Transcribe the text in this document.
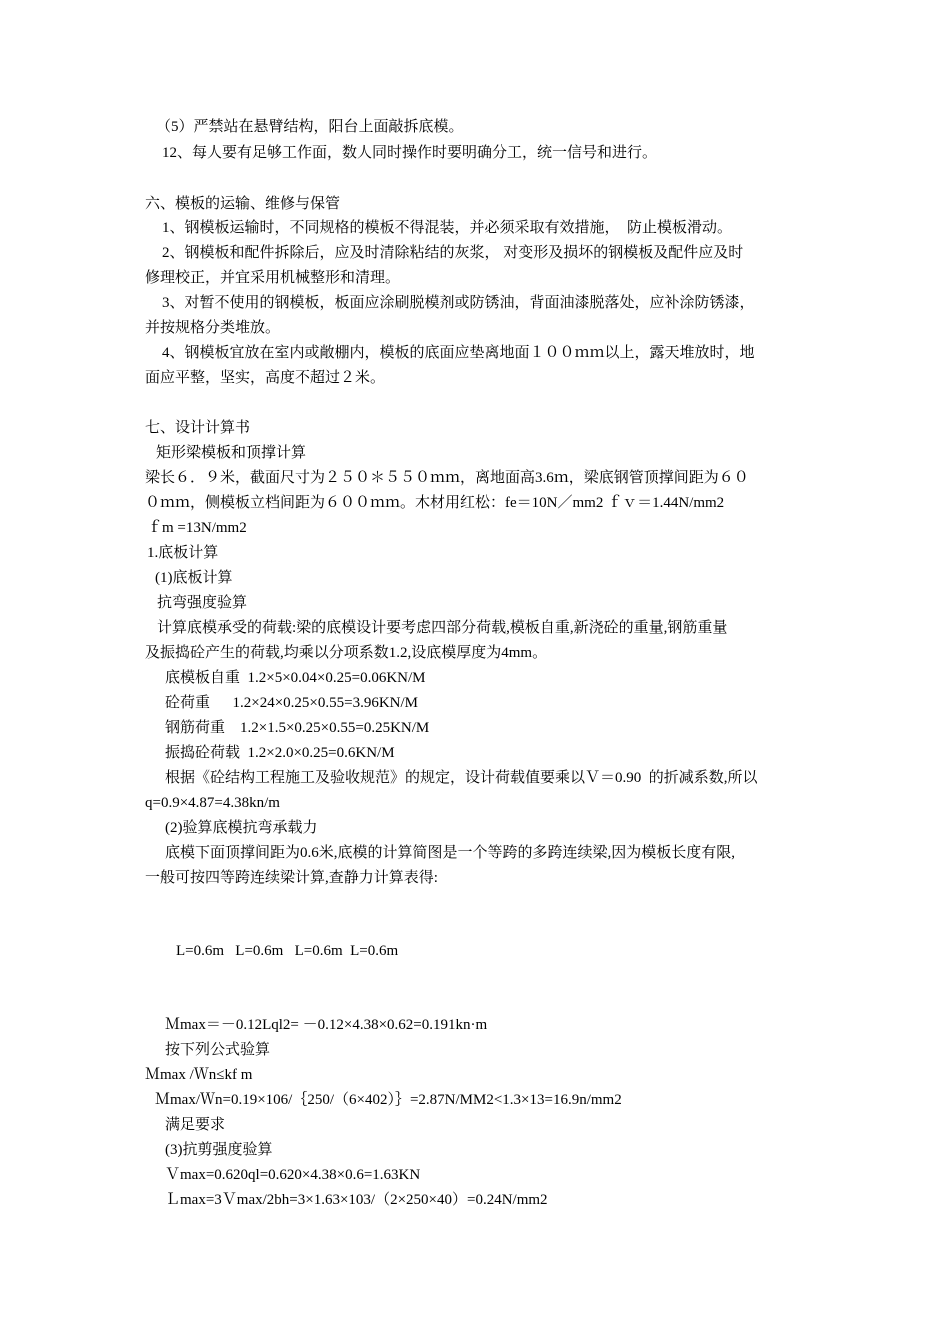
（5）严禁站在悬臂结构，阳台上面敲拆底模。
12、每人要有足够工作面，数人同时操作时要明确分工，统一信号和进行。
六、模板的运输、维修与保管
1、钢模板运输时，不同规格的模板不得混装，并必须采取有效措施，  防止模板滑动。
2、钢模板和配件拆除后，应及时清除粘结的灰浆， 对变形及损坏的钢模板及配件应及时
修理校正，并宜采用机械整形和清理。
3、对暂不使用的钢模板，板面应涂刷脱模剂或防锈油，背面油漆脱落处，应补涂防锈漆，
并按规格分类堆放。
4、钢模板宜放在室内或敞棚内，模板的底面应垫离地面１００ｍｍ以上，露天堆放时，地
面应平整，坚实，高度不超过２米。
七、设计计算书
矩形梁模板和顶撑计算
梁长６．９米，截面尺寸为２５０＊５５０ｍｍ，离地面高3.6ｍ，梁底钢管顶撑间距为６０
０ｍｍ，侧模板立档间距为６００ｍｍ。木材用红松：fe＝10N／mm2 ｆｖ＝1.44N/mm2
ｆm =13N/mm2
1.底板计算
(1)底板计算
抗弯强度验算
计算底模承受的荷载:梁的底模设计要考虑四部分荷载,模板自重,新浇砼的重量,钢筋重量
及振捣砼产生的荷载,均乘以分项系数1.2,设底模厚度为4mm。
底模板自重  1.2×5×0.04×0.25=0.06KN/M
砼荷重      1.2×24×0.25×0.55=3.96KN/M
钢筋荷重    1.2×1.5×0.25×0.55=0.25KN/M
振捣砼荷载  1.2×2.0×0.25=0.6KN/M
根据《砼结构工程施工及验收规范》的规定，设计荷载值要乘以Ｖ＝0.90  的折减系数,所以
q=0.9×4.87=4.38kn/m
(2)验算底模抗弯承载力
底模下面顶撑间距为0.6米,底模的计算简图是一个等跨的多跨连续梁,因为模板长度有限,
一般可按四等跨连续梁计算,查静力计算表得:
L=0.6m   L=0.6m   L=0.6m  L=0.6m
Ｍmax＝－0.12Lql2= －0.12×4.38×0.62=0.191kn·m
按下列公式验算
Ｍmax /Ｗn≤kf m
Ｍmax/Ｗn=0.19×106/｛250/（6×402）｝=2.87N/MM2<1.3×13=16.9n/mm2
满足要求
(3)抗剪强度验算
Ｖmax=0.620ql=0.620×4.38×0.6=1.63KN
Ｌmax=3Ｖmax/2bh=3×1.63×103/（2×250×40）=0.24N/mm2
